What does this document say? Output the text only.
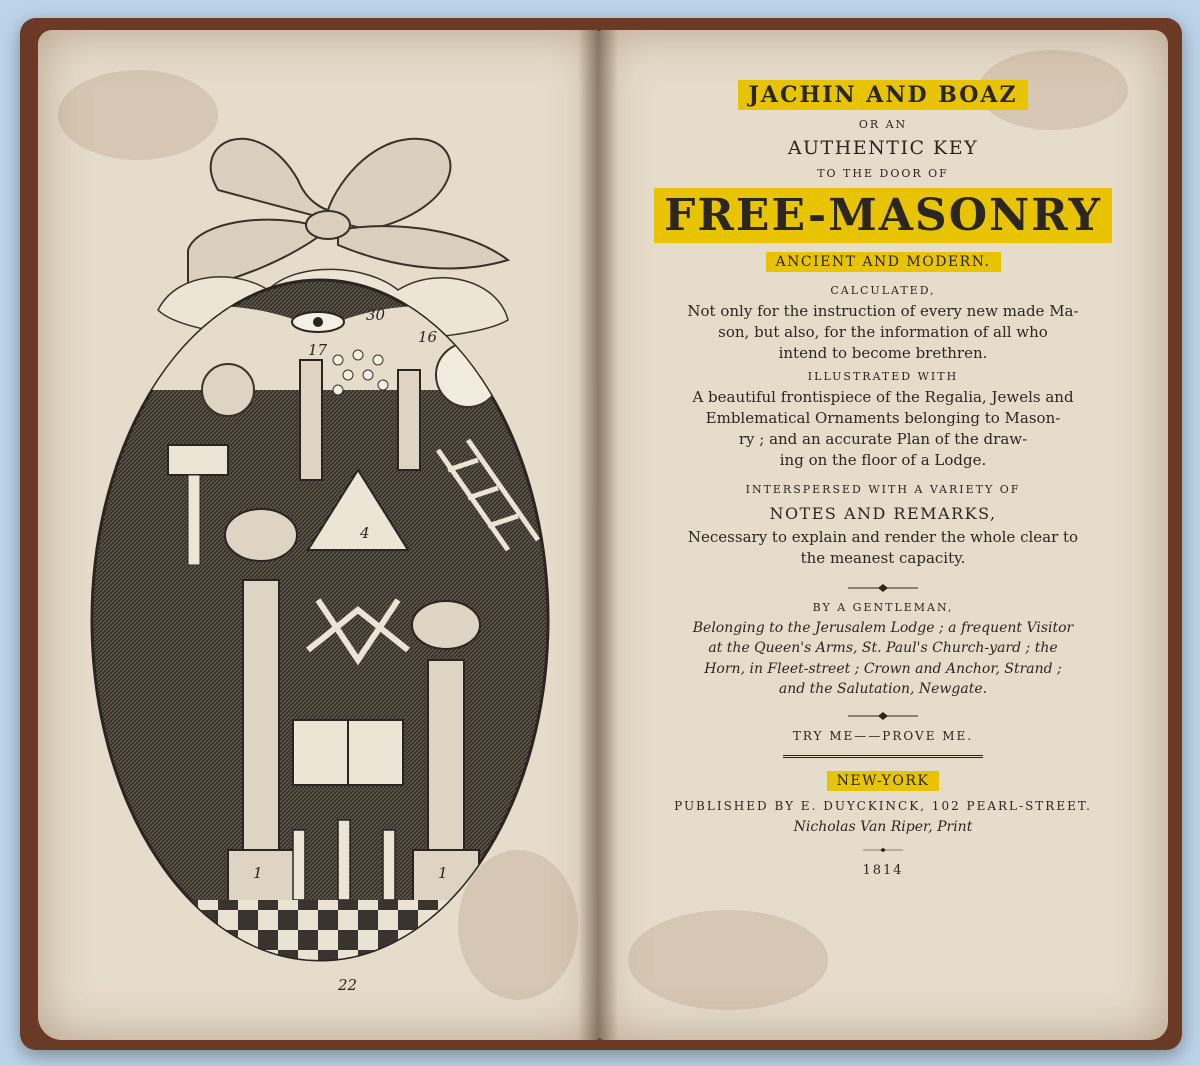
30
17
16
4
1	1
22
JACHIN AND BOAZ
OR AN
AUTHENTIC KEY
TO THE DOOR OF
FREE-MASONRY
ANCIENT AND MODERN.
CALCULATED,
Not only for the instruction of every new made Ma-
son, but also, for the information of all who
intend to become brethren.
ILLUSTRATED WITH
A beautiful frontispiece of the Regalia, Jewels and
Emblematical Ornaments belonging to Mason-
ry ; and an accurate Plan of the draw-
ing on the floor of a Lodge.
INTERSPERSED WITH A VARIETY OF
NOTES AND REMARKS,
Necessary to explain and render the whole clear to
the meanest capacity.
BY A GENTLEMAN,
Belonging to the Jerusalem Lodge ; a frequent Visitor
at the Queen's Arms, St. Paul's Church-yard ; the
Horn, in Fleet-street ; Crown and Anchor, Strand ;
and the Salutation, Newgate.
TRY ME——PROVE ME.
NEW-YORK
PUBLISHED BY E. DUYCKINCK, 102 PEARL-STREET.
Nicholas Van Riper, Print
1814
